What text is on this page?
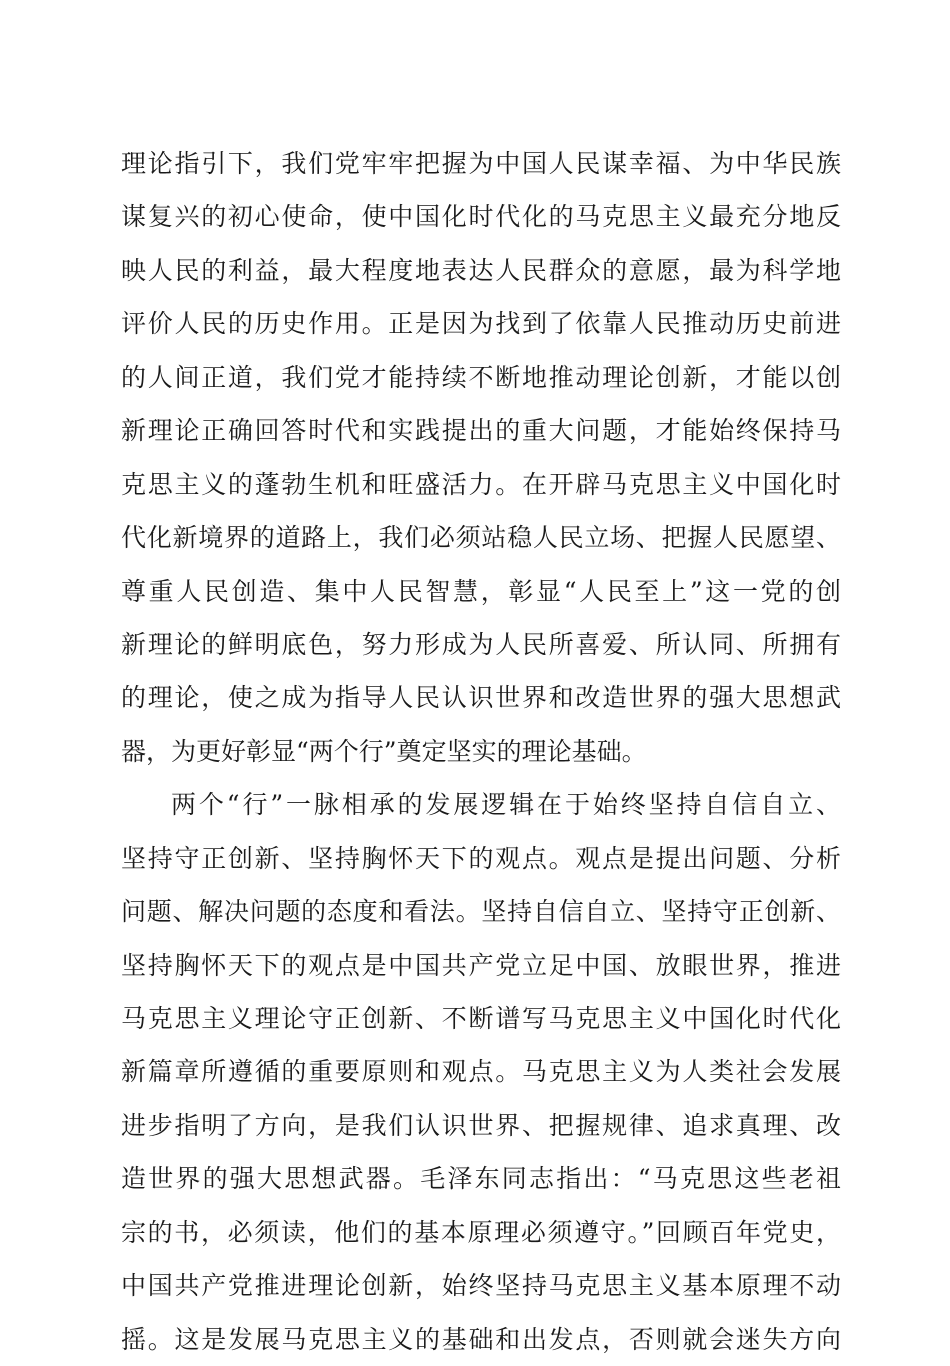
理论指引下，我们党牢牢把握为中国人民谋幸福、为中华民族
谋复兴的初心使命，使中国化时代化的马克思主义最充分地反
映人民的利益，最大程度地表达人民群众的意愿，最为科学地
评价人民的历史作用。正是因为找到了依靠人民推动历史前进
的人间正道，我们党才能持续不断地推动理论创新，才能以创
新理论正确回答时代和实践提出的重大问题，才能始终保持马
克思主义的蓬勃生机和旺盛活力。在开辟马克思主义中国化时
代化新境界的道路上，我们必须站稳人民立场、把握人民愿望、
尊重人民创造、集中人民智慧，彰显“人民至上”这一党的创
新理论的鲜明底色，努力形成为人民所喜爱、所认同、所拥有
的理论，使之成为指导人民认识世界和改造世界的强大思想武
器，为更好彰显“两个行”奠定坚实的理论基础。
两个“行”一脉相承的发展逻辑在于始终坚持自信自立、
坚持守正创新、坚持胸怀天下的观点。观点是提出问题、分析
问题、解决问题的态度和看法。坚持自信自立、坚持守正创新、
坚持胸怀天下的观点是中国共产党立足中国、放眼世界，推进
马克思主义理论守正创新、不断谱写马克思主义中国化时代化
新篇章所遵循的重要原则和观点。马克思主义为人类社会发展
进步指明了方向，是我们认识世界、把握规律、追求真理、改
造世界的强大思想武器。毛泽东同志指出：“马克思这些老祖
宗的书，必须读，他们的基本原理必须遵守。”回顾百年党史，
中国共产党推进理论创新，始终坚持马克思主义基本原理不动
摇。这是发展马克思主义的基础和出发点，否则就会迷失方向
